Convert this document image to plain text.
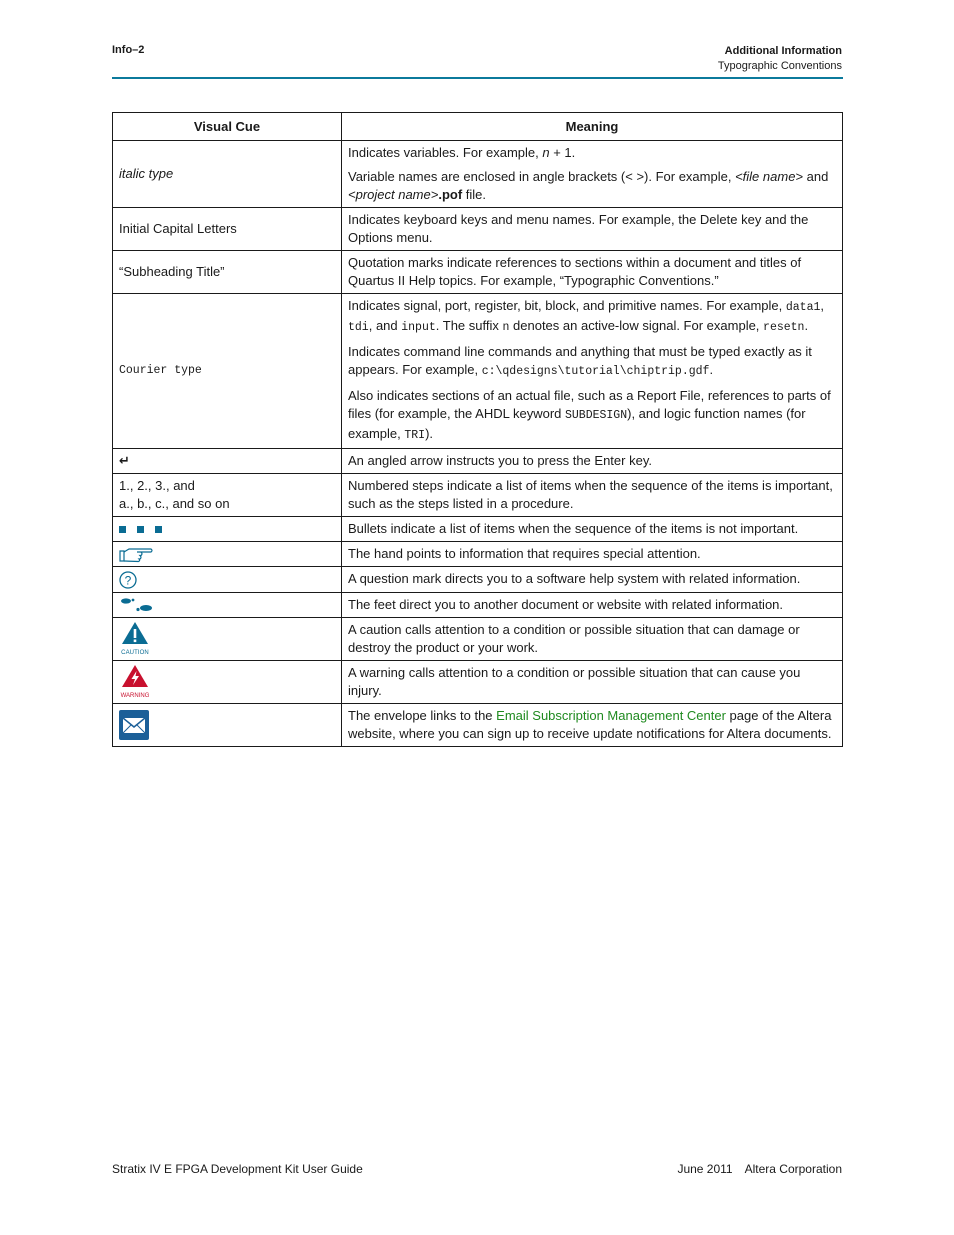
Info–2	Additional Information
Typographic Conventions
Visual Cue	Meaning
italic type	Indicates variables. For example, n + 1.

Variable names are enclosed in angle brackets (< >). For example, <file name> and <project name>.pof file.

Initial Capital Letters	Indicates keyboard keys and menu names. For example, the Delete key and the Options menu.
“Subheading Title”	Quotation marks indicate references to sections within a document and titles of Quartus II Help topics. For example, “Typographic Conventions.”
Courier type	Indicates signal, port, register, bit, block, and primitive names. For example, data1, tdi, and input. The suffix n denotes an active-low signal. For example, resetn.

Indicates command line commands and anything that must be typed exactly as it appears. For example, c:\qdesigns\tutorial\chiptrip.gdf.

Also indicates sections of an actual file, such as a Report File, references to parts of files (for example, the AHDL keyword SUBDESIGN), and logic function names (for example, TRI).

↵	An angled arrow instructs you to press the Enter key.

1., 2., 3., and
a., b., c., and so on	Numbered steps indicate a list of items when the sequence of the items is important, such as the steps listed in a procedure.
	Bullets indicate a list of items when the sequence of the items is not important.
	The hand points to information that requires special attention.

?	A question mark directs you to a software help system with related information.
	The feet direct you to another document or website with related information.

CAUTION	A caution calls attention to a condition or possible situation that can damage or destroy the product or your work.

WARNING	A warning calls attention to a condition or possible situation that can cause you injury.
	The envelope links to the Email Subscription Management Center page of the Altera website, where you can sign up to receive update notifications for Altera documents.
Stratix IV E FPGA Development Kit User Guide	June 2011 Altera Corporation
